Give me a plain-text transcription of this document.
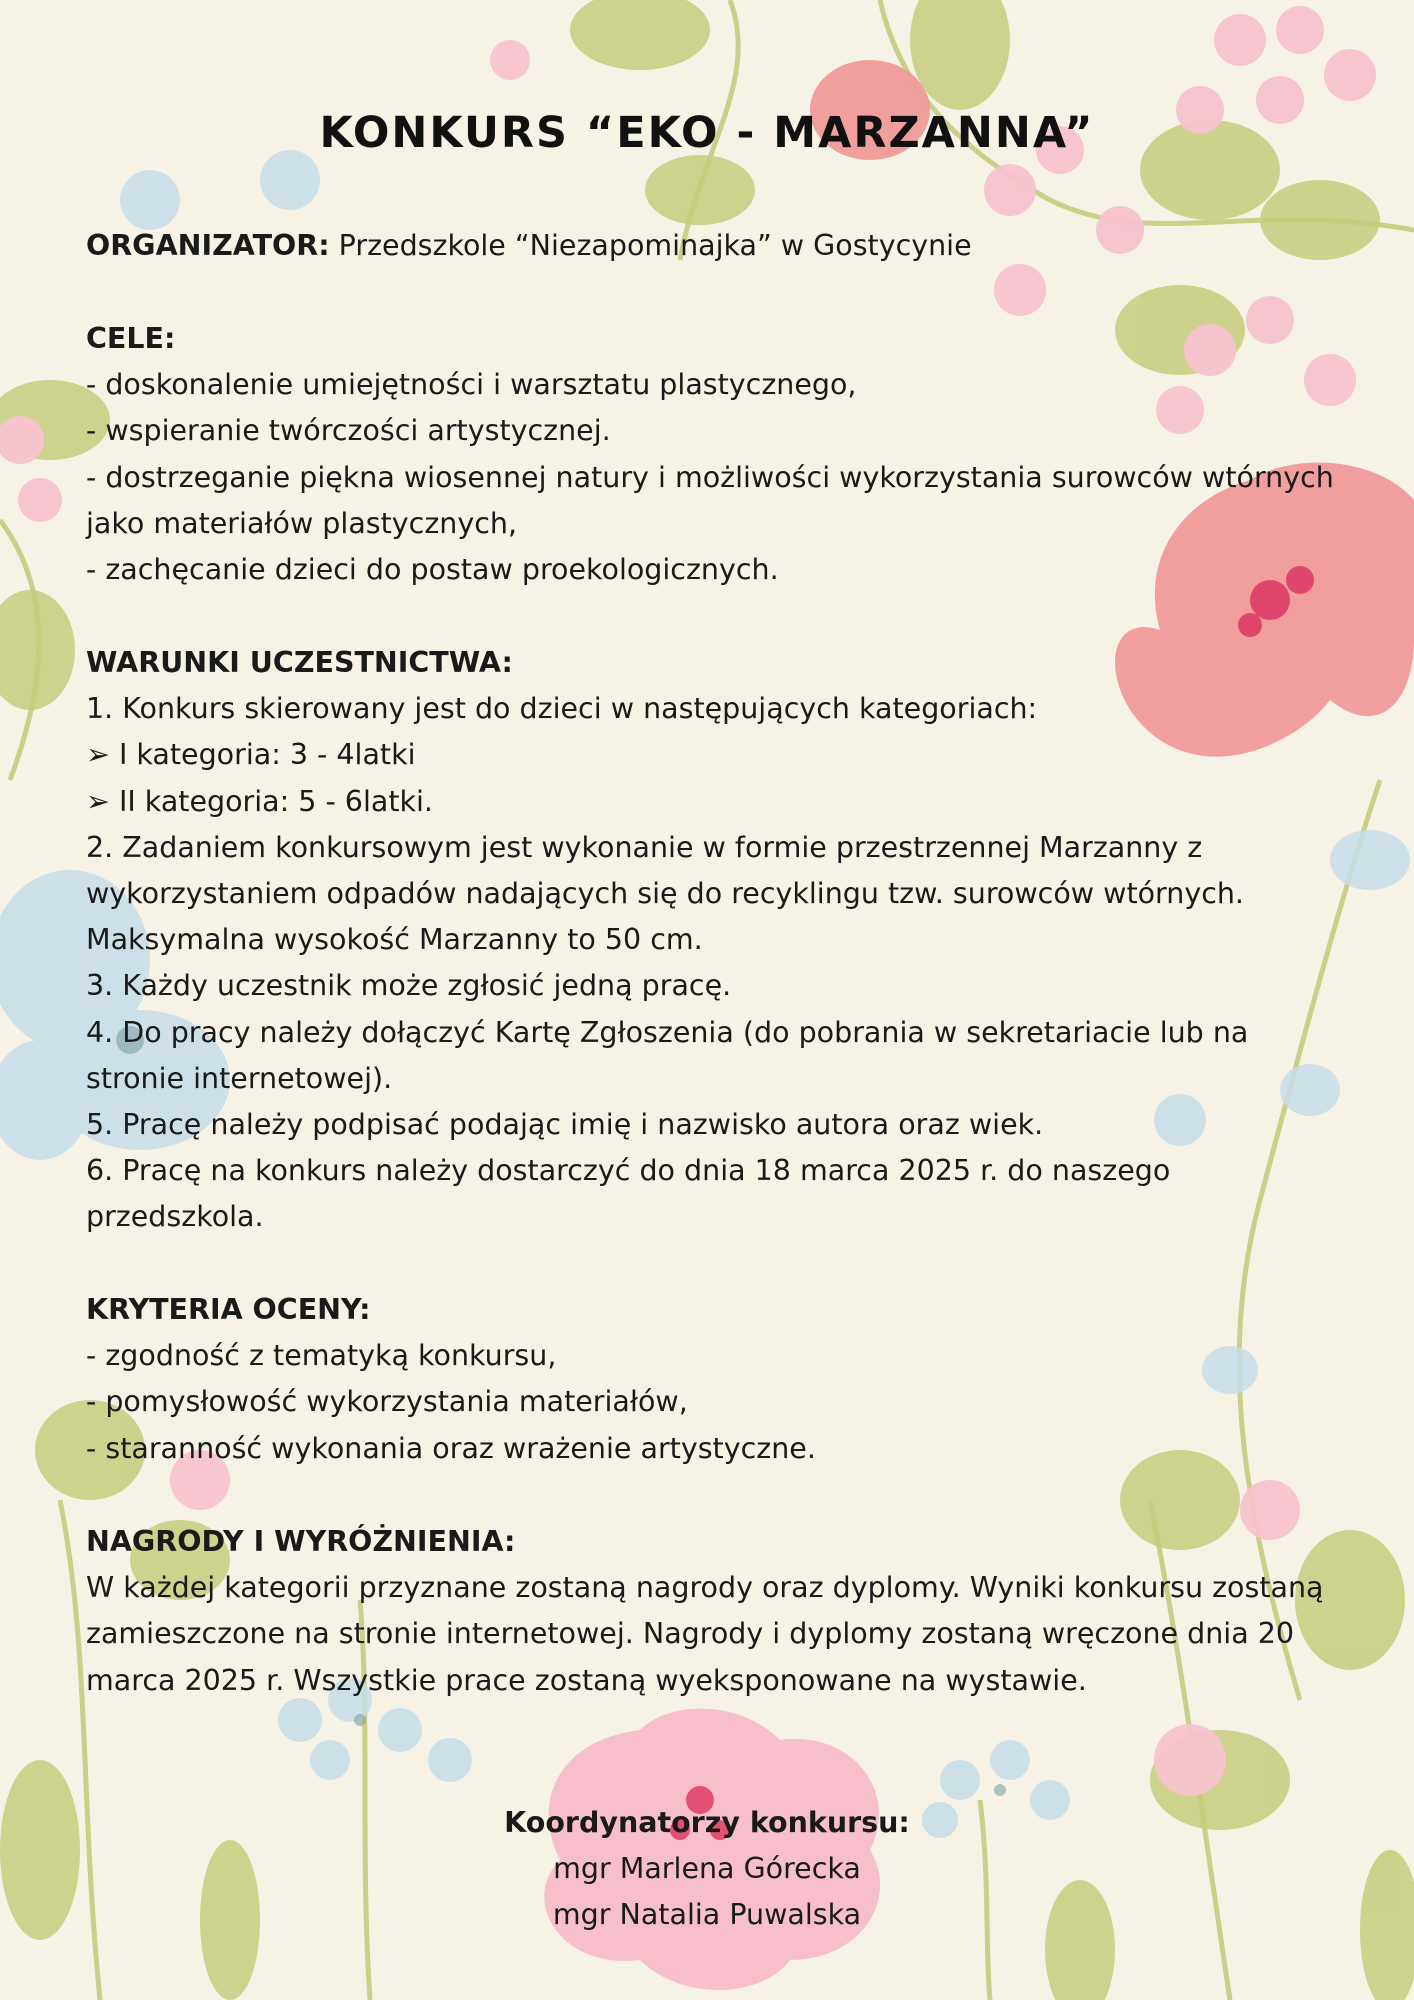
KONKURS “EKO - MARZANNA”

ORGANIZATOR: Przedszkole “Niezapominajka” w Gostycynie

CELE:

- doskonalenie umiejętności i warsztatu plastycznego,

- wspieranie twórczości artystycznej.

- dostrzeganie piękna wiosennej natury i możliwości wykorzystania surowców wtórnych jako materiałów plastycznych,

- zachęcanie dzieci do postaw proekologicznych.

WARUNKI UCZESTNICTWA:

1. Konkurs skierowany jest do dzieci w następujących kategoriach:

➢ I kategoria: 3 - 4latki

➢ II kategoria: 5 - 6latki.

2. Zadaniem konkursowym jest wykonanie w formie przestrzennej Marzanny z wykorzystaniem odpadów nadających się do recyklingu tzw. surowców wtórnych. Maksymalna wysokość Marzanny to 50 cm.

3. Każdy uczestnik może zgłosić jedną pracę.

4. Do pracy należy dołączyć Kartę Zgłoszenia (do pobrania w sekretariacie lub na stronie internetowej).

5. Pracę należy podpisać podając imię i nazwisko autora oraz wiek.

6. Pracę na konkurs należy dostarczyć do dnia 18 marca 2025 r. do naszego przedszkola.

KRYTERIA OCENY:

- zgodność z tematyką konkursu,

- pomysłowość wykorzystania materiałów,

- staranność wykonania oraz wrażenie artystyczne.

NAGRODY I WYRÓŻNIENIA:

W każdej kategorii przyznane zostaną nagrody oraz dyplomy. Wyniki konkursu zostaną zamieszczone na stronie internetowej. Nagrody i dyplomy zostaną wręczone dnia 20 marca 2025 r. Wszystkie prace zostaną wyeksponowane na wystawie.

Koordynatorzy konkursu:
mgr Marlena Górecka
mgr Natalia Puwalska
